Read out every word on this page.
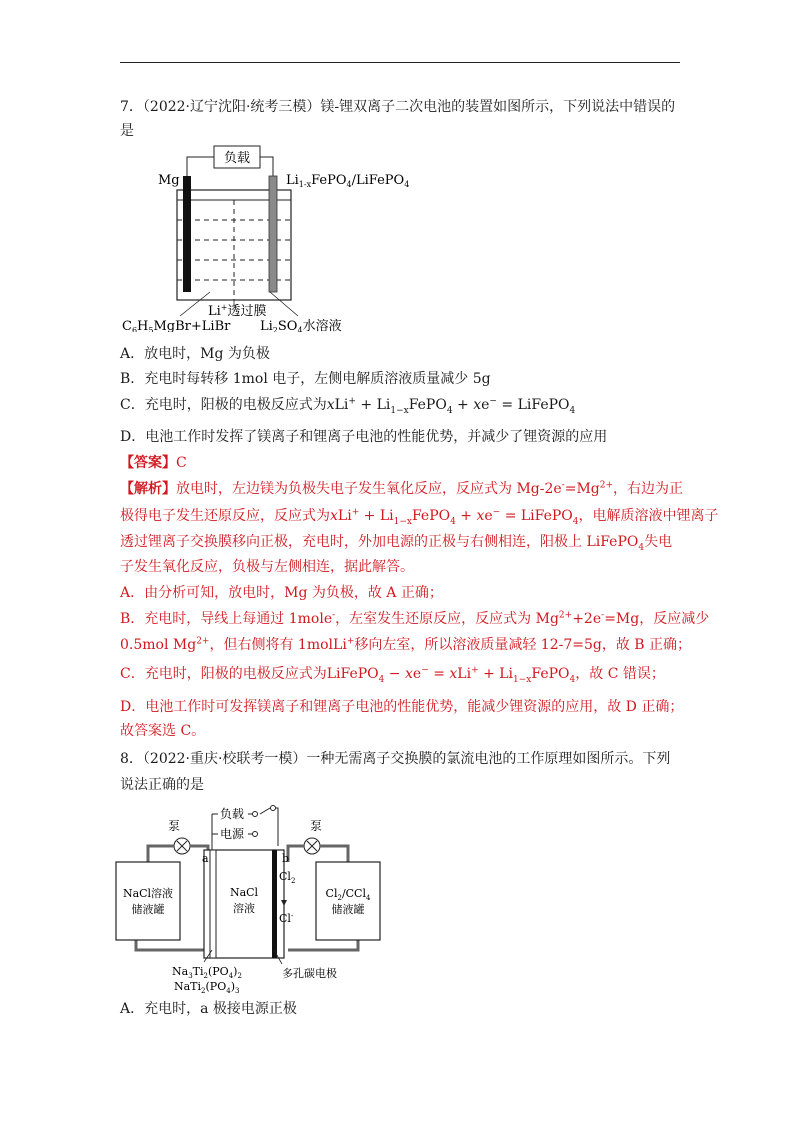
7．（2022·辽宁沈阳·统考三模）镁-锂双离子二次电池的装置如图所示，下列说法中错误的
是
负载
Mg	$Li_{1-x}FePO_4/LiFePO_4$
Li+透过膜
$C_6H_5MgBr+LiBr$ $Li_2SO_4$水溶液
A．放电时，Mg 为负极
B．充电时每转移 1mol 电子，左侧电解质溶液质量减少 5g
C．充电时，阳极的电极反应式为$xLi^+ + Li_{1-x}FePO_4 + xe^-$ = LiFePO$_4$
D．电池工作时发挥了镁离子和锂离子电池的性能优势，并减少了锂资源的应用
【答案】C
【解析】放电时，左边镁为负极失电子发生氧化反应，反应式为 $Mg-2e^-=Mg^{2+}$，右边为正
极得电子发生还原反应，反应式为$xLi^+ + Li_{1-x}FePO_4 + xe^-$ = LiFePO$_4$，电解质溶液中锂离子
透过锂离子交换膜移向正极，充电时，外加电源的正极与右侧相连，阳极上 LiFePO$_4$失电
子发生氧化反应，负极与左侧相连，据此解答。
A．由分析可知，放电时，Mg 为负极，故 A 正确；
B．充电时，导线上每通过 1mole-，左室发生还原反应，反应式为 $Mg^{2+}+2e^-=Mg$，反应减少
0.5mol $Mg^{2+}$，但右侧将有 1molLi+移向左室，所以溶液质量减轻 12-7=5g，故 B 正确；
C．充电时，阳极的电极反应式为LiFePO$_4$ − $xe^- = xLi^+ + Li_{1-x}FePO_4$，故 C 错误；
D．电池工作时可发挥镁离子和锂离子电池的性能优势，能减少锂资源的应用，故 D 正确；
故答案选 C。
8．（2022·重庆·校联考一模）一种无需离子交换膜的氯流电池的工作原理如图所示。下列
说法正确的是
负载
电源
泵	泵
NaCl溶液
储液罐
a	b
NaCl
溶液
$Cl_2$
Cl-
$Cl_2/CCl_4$
储液罐
$Na_3Ti_2(PO_4)_2$
$NaTi_2(PO_4)_3$
多孔碳电极
A．充电时，a 极接电源正极
